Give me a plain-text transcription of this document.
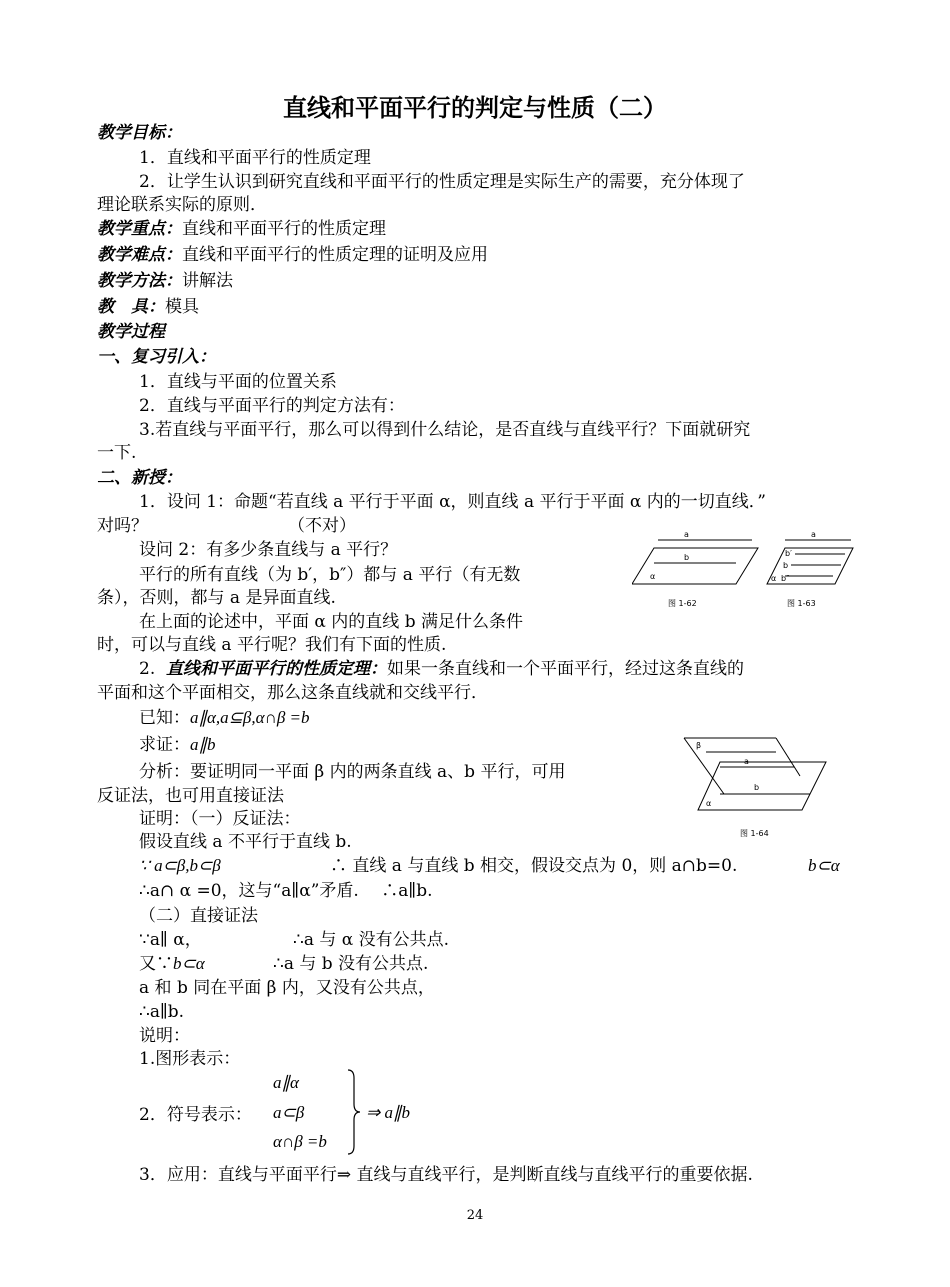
直线和平面平行的判定与性质（二）
教学目标：
1．直线和平面平行的性质定理
2．让学生认识到研究直线和平面平行的性质定理是实际生产的需要，充分体现了
理论联系实际的原则．
教学重点：直线和平面平行的性质定理
教学难点：直线和平面平行的性质定理的证明及应用
教学方法：讲解法
教　具：模具
教学过程
一、复习引入：
1．直线与平面的位置关系
2．直线与平面平行的判定方法有：
3.若直线与平面平行，那么可以得到什么结论，是否直线与直线平行？下面就研究
一下.
二、新授：
1．设问 1：命题“若直线 a 平行于平面 α，则直线 a 平行于平面 α 内的一切直线．”
对吗？	（不对）
设问 2：有多少条直线与 a 平行？
平行的所有直线（为 b′，b″）都与 a 平行（有无数
条），否则，都与 a 是异面直线.
在上面的论述中，平面 α 内的直线 b 满足什么条件
时，可以与直线 a 平行呢？我们有下面的性质.
2. 直线和平面平行的性质定理：如果一条直线和一个平面平行，经过这条直线的
平面和这个平面相交，那么这条直线就和交线平行．
已知：a∥α,a⊆β,α∩β =b
求证：a∥b
分析：要证明同一平面 β 内的两条直线 a、b 平行，可用
反证法，也可用直接证法
证明：（一）反证法：
假设直线 a 不平行于直线 b.
∵ a⊂β,b⊂β	∴ 直线 a 与直线 b 相交，假设交点为 0，则 a∩b=0.	b⊂α
∴a∩ α =0，这与“a∥α”矛盾.　 ∴a∥b.
（二）直接证法
∵a∥ α，	∴a 与 α 没有公共点.
又∵b⊂α	∴a 与 b 没有公共点.
a 和 b 同在平面 β 内，又没有公共点，
∴a∥b.
说明：
1.图形表示：
2．符号表示：
a∥α
a⊂β
α∩β =b
⇒ a∥b
3．应用：直线与平面平行⇒ 直线与直线平行，是判断直线与直线平行的重要依据.
a
b
α
图 1-62
a
b′
b
α b″
图 1-63
β
a
b
α
图 1-64
24
